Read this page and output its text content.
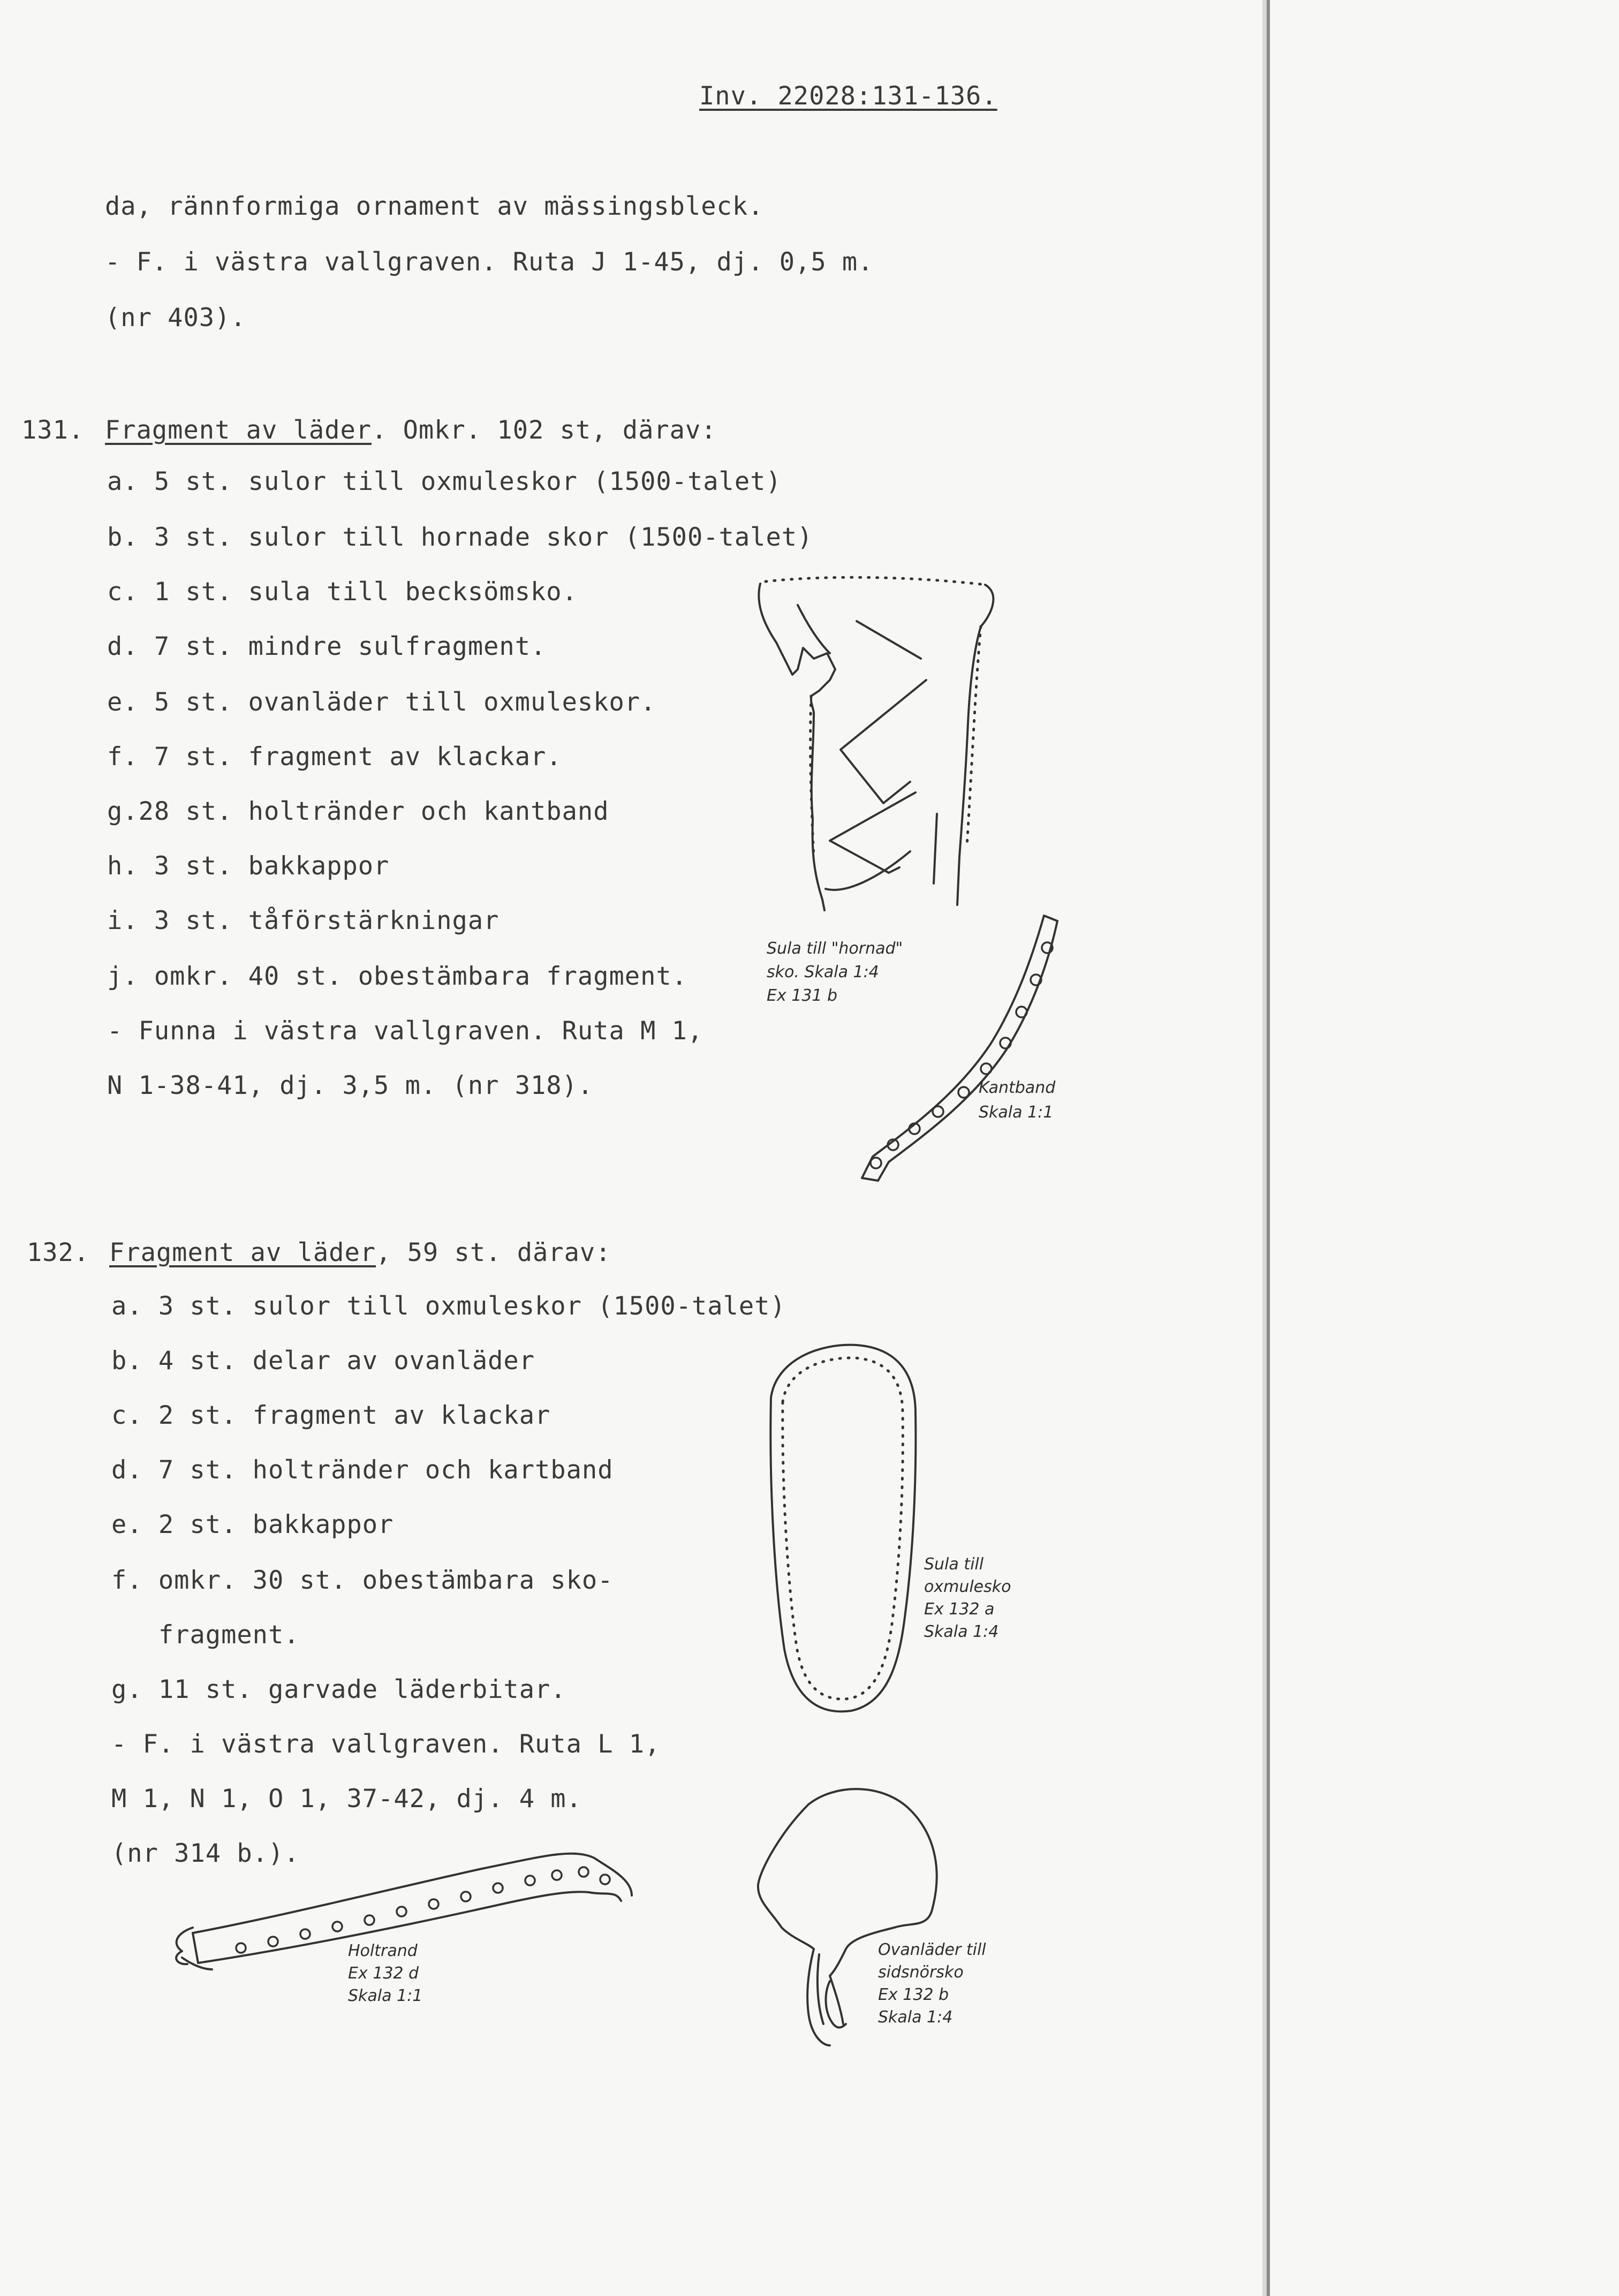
Inv. 22028:131-136.
da, rännformiga ornament av mässingsbleck.
- F. i västra vallgraven. Ruta J 1-45, dj. 0,5 m.
(nr 403).
131. Fragment av läder. Omkr. 102 st, därav:
a. 5 st. sulor till oxmuleskor (1500-talet)
b. 3 st. sulor till hornade skor (1500-talet)
c. 1 st. sula till becksömsko.
d. 7 st. mindre sulfragment.
e. 5 st. ovanläder till oxmuleskor.
f. 7 st. fragment av klackar.
g.28 st. holtränder och kantband
h. 3 st. bakkappor
i. 3 st. tåförstärkningar
j. omkr. 40 st. obestämbara fragment.
- Funna i västra vallgraven. Ruta M 1,
N 1-38-41, dj. 3,5 m. (nr 318).
Sula till "hornad"
sko. Skala 1:4
Ex 131 b
Kantband
Skala 1:1
132. Fragment av läder, 59 st. därav:
a. 3 st. sulor till oxmuleskor (1500-talet)
b. 4 st. delar av ovanläder
c. 2 st. fragment av klackar
d. 7 st. holtränder och kartband
e. 2 st. bakkappor
f. omkr. 30 st. obestämbara sko-
fragment.
g. 11 st. garvade läderbitar.
- F. i västra vallgraven. Ruta L 1,
M 1, N 1, O 1, 37-42, dj. 4 m.
(nr 314 b.).
Sula till
oxmulesko
Ex 132 a
Skala 1:4
Holtrand
Ex 132 d
Skala 1:1
Ovanläder till
sidsnörsko
Ex 132 b
Skala 1:4
